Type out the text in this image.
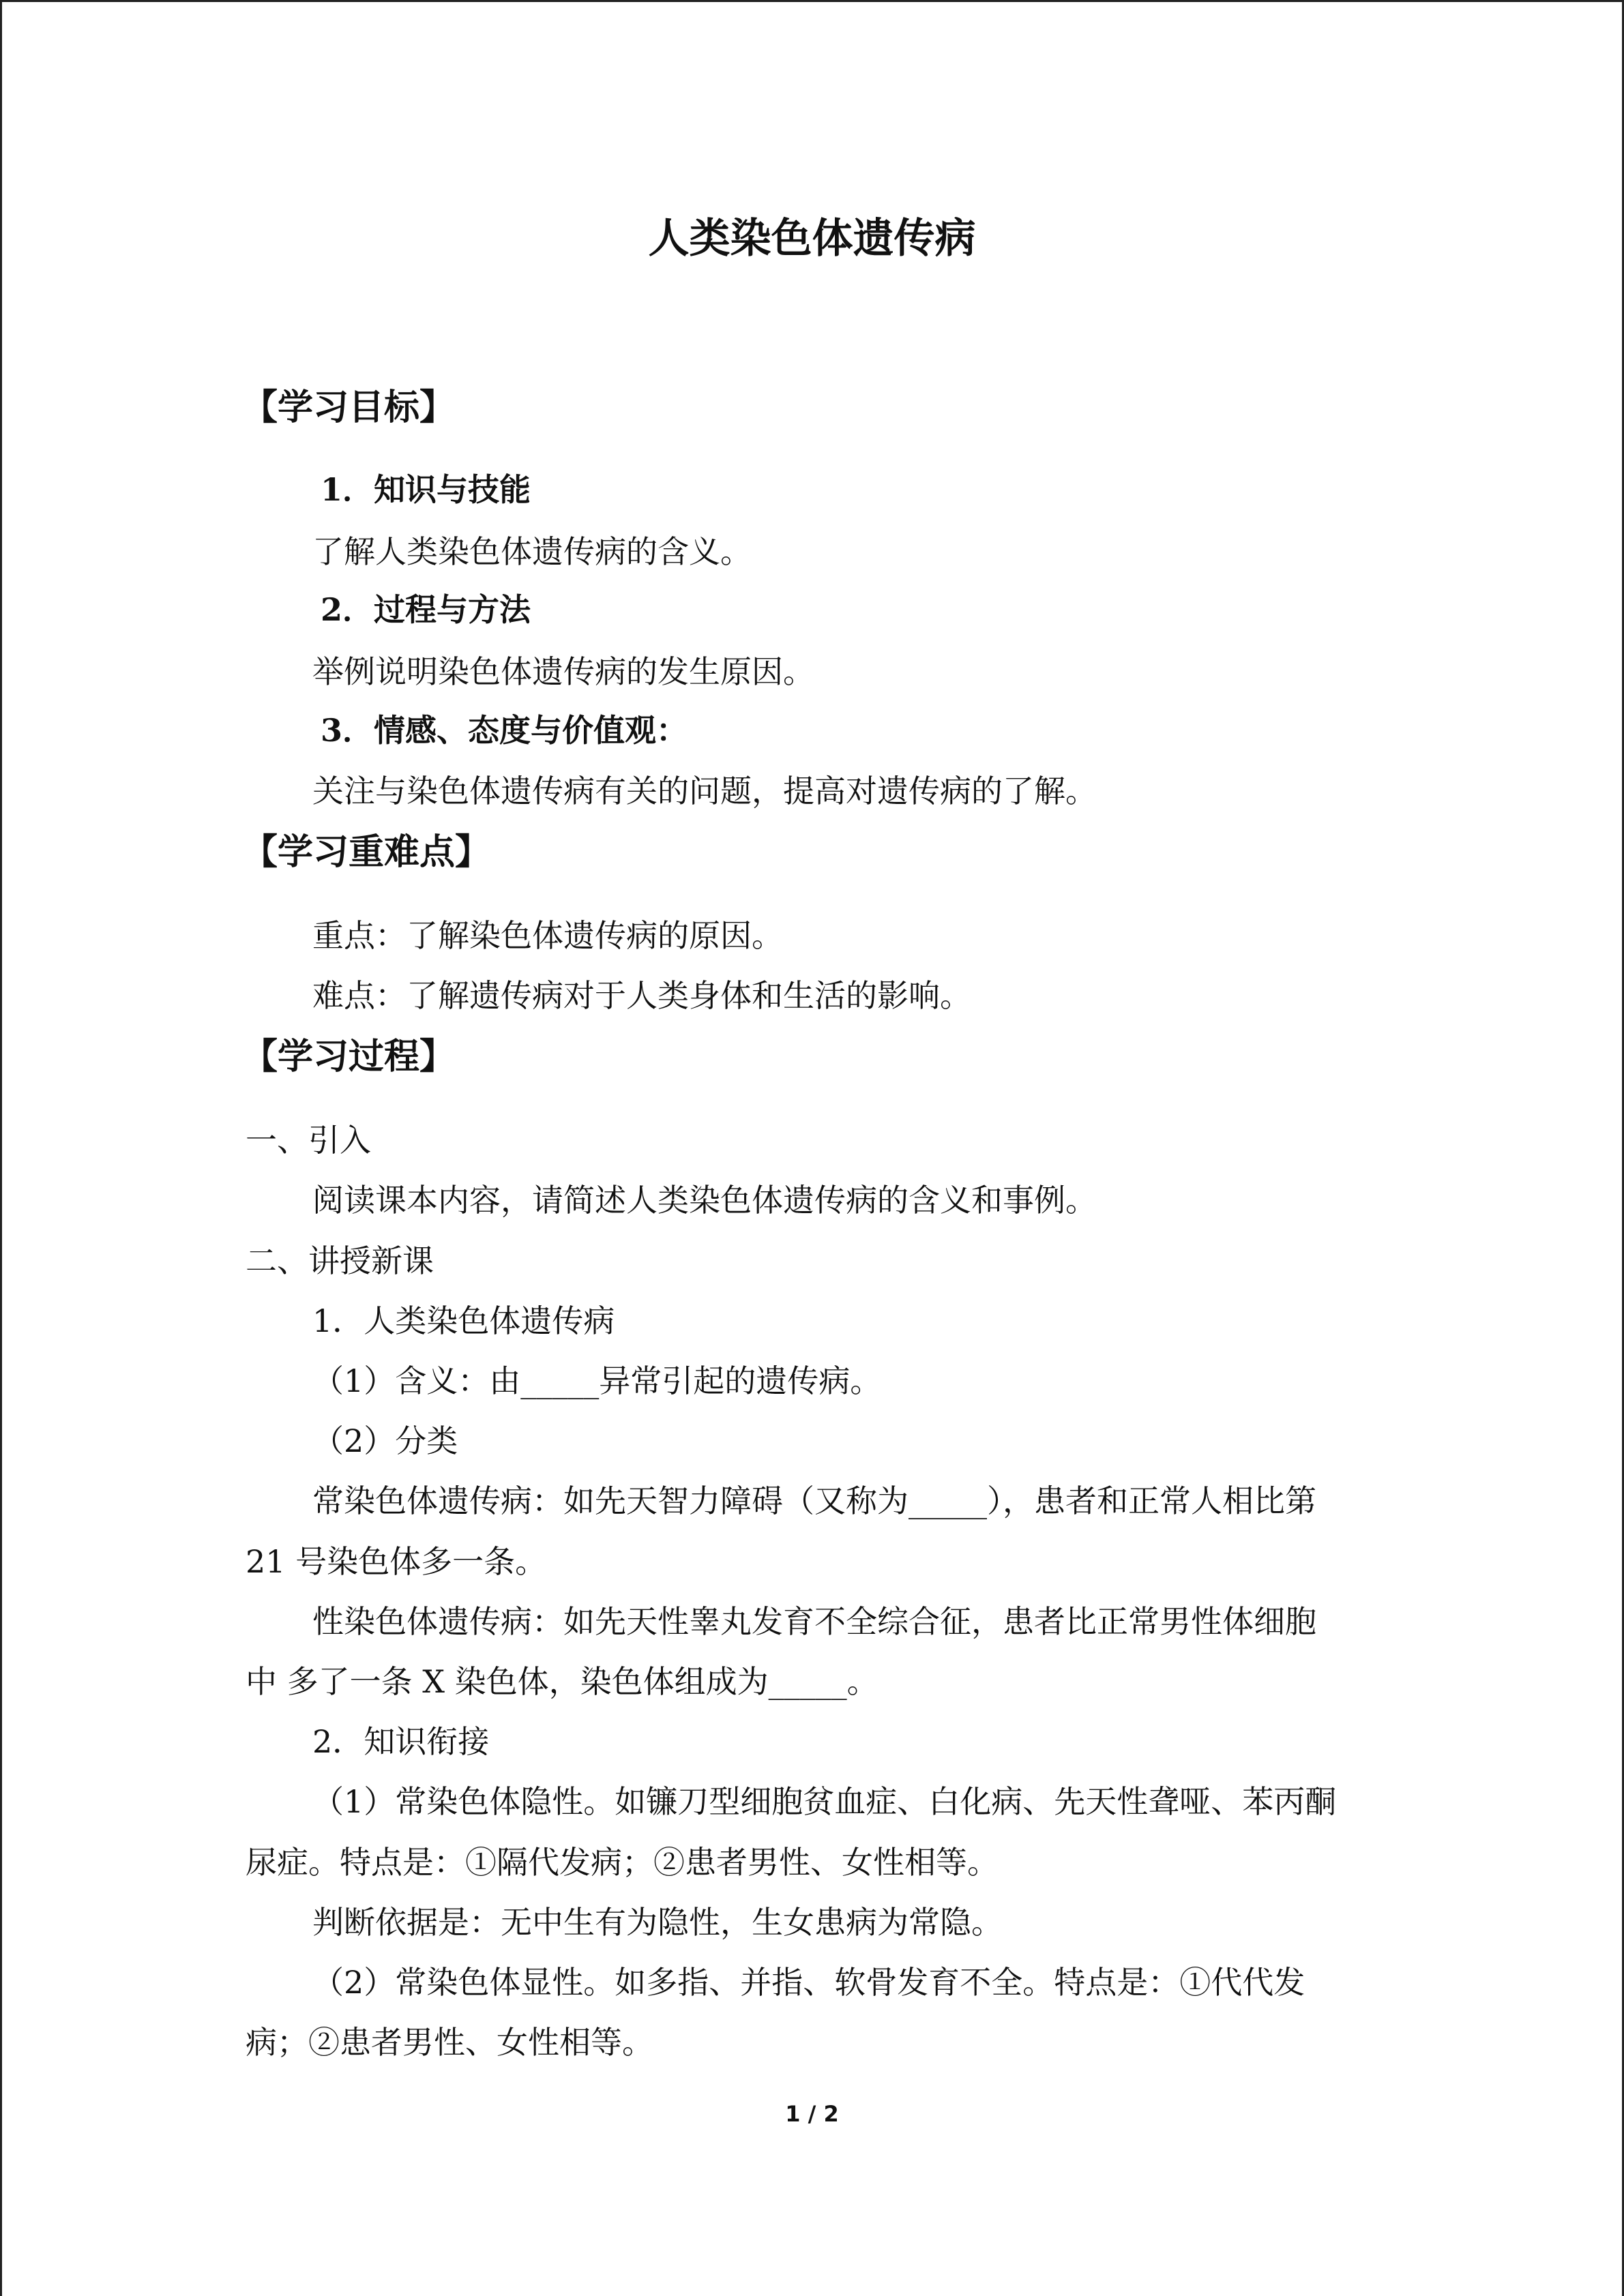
人类染色体遗传病
【学习目标】
1．知识与技能
了解人类染色体遗传病的含义。
2．过程与方法
举例说明染色体遗传病的发生原因。
3．情感、态度与价值观：
关注与染色体遗传病有关的问题，提高对遗传病的了解。
【学习重难点】
重点：了解染色体遗传病的原因。
难点：了解遗传病对于人类身体和生活的影响。
【学习过程】
一、引入
阅读课本内容，请简述人类染色体遗传病的含义和事例。
二、讲授新课
1．人类染色体遗传病
（1）含义：由_____异常引起的遗传病。
（2）分类
常染色体遗传病：如先天智力障碍（又称为_____），患者和正常人相比第
21 号染色体多一条。
性染色体遗传病：如先天性睾丸发育不全综合征，患者比正常男性体细胞
中 多了一条 X 染色体，染色体组成为_____。
2．知识衔接
（1）常染色体隐性。如镰刀型细胞贫血症、白化病、先天性聋哑、苯丙酮
尿症。特点是：①隔代发病；②患者男性、女性相等。
判断依据是：无中生有为隐性，生女患病为常隐。
（2）常染色体显性。如多指、并指、软骨发育不全。特点是：①代代发
病；②患者男性、女性相等。
1 / 2
